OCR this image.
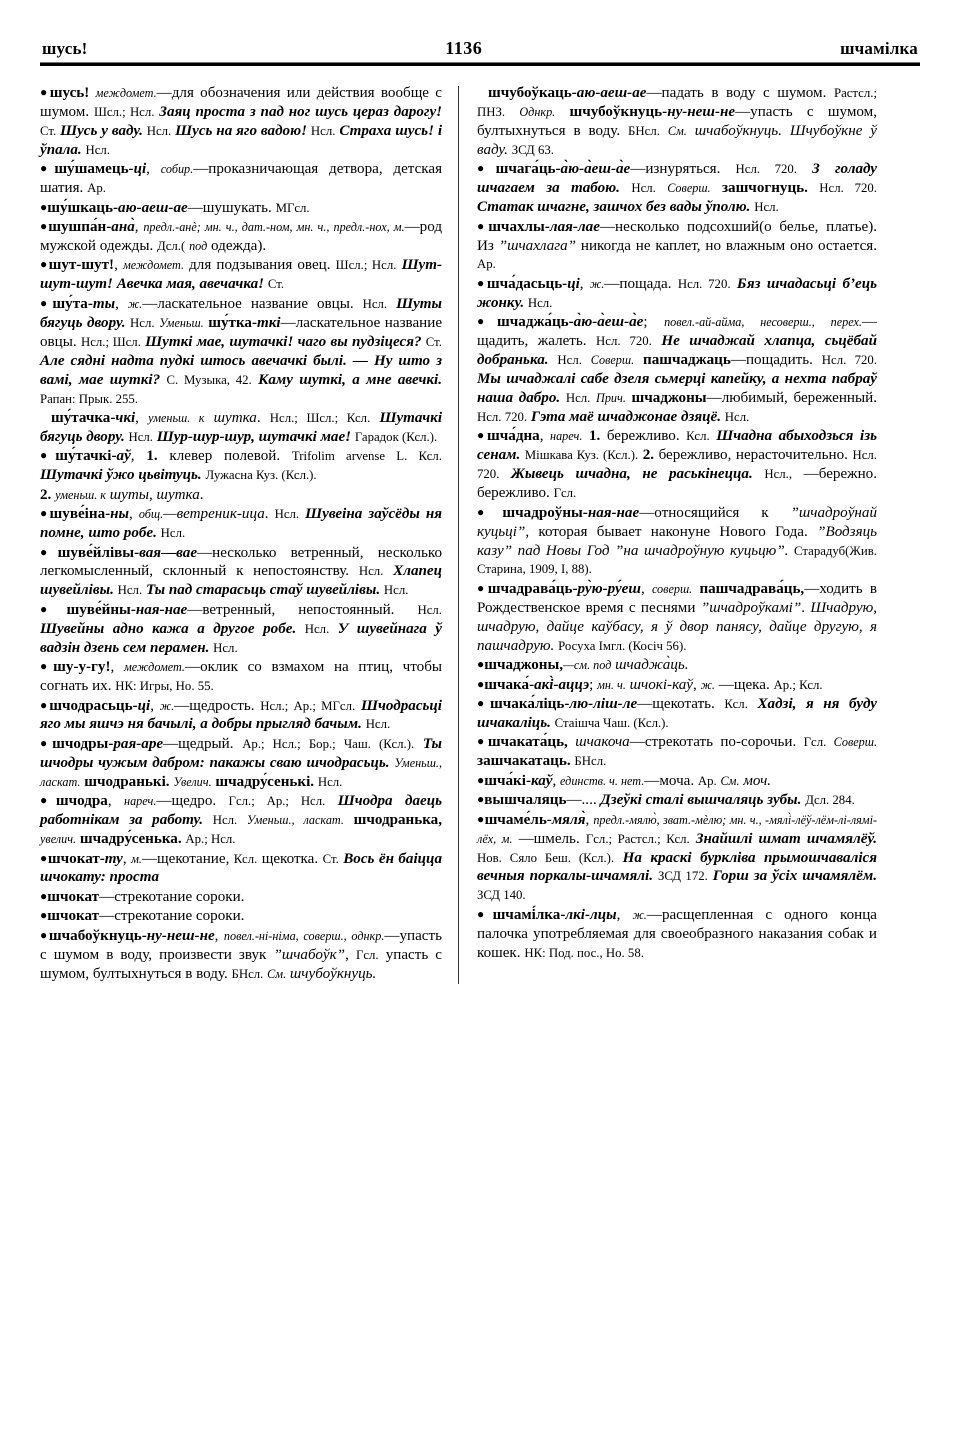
шусь!	1136	шчамілка

●шусь! междомет.—для обозначения или действия вообще с шумом. Шсл.; Нсл. Заяц проста з пад ног шусь цераз дарогу! Ст. Шусь у ваду. Нсл. Шусь на яго вадою! Нсл. Страха шусь! і ўпала. Нсл.

●шу́шамець-ці, собир.—проказничающая детвора, детская шатия. Ар.

●шу́шкаць-аю-аеш-ае—шушукать. МГсл.

●шушпа́н-ана̀, предл.-анѐ; мн. ч., дат.-ном, мн. ч., предл.-нох, м.—род мужской одежды. Дсл.( под одежда).

●шут-шут!, междомет. для подзывания овец. Шсл.; Нсл. Шут-шут-шут! Авечка мая, авечачка! Ст.

●шу́та-ты, ж.—ласкательное название овцы. Нсл. Шуты бягуць двору. Нсл. Уменьш. шу́тка-ткі—ласкательное название овцы. Нсл.; Шсл. Шуткі мае, шутачкі! чаго вы пудзіцеся? Ст. Але сядні надта пудкі штось авечачкі былі. — Ну што з вамі, мае шуткі? С. Музыка, 42. Каму шуткі, а мне авечкі. Рапан: Прык. 255.

шу́тачка-чкі, уменьш. к шутка. Нсл.; Шсл.; Ксл. Шутачкі бягуць двору. Нсл. Шур-шур-шур, шутачкі мае! Гарадок (Ксл.).

●шу́тачкі-аў, 1. клевер полевой. Trifolim arvense L. Ксл. Шутачкі ўжо цьвітуць. Лужасна Куз. (Ксл.).

2. уменьш. к шуты, шутка.

●шуве́іна-ны, общ.—ветреник-ица. Нсл. Шувеіна заўсёды ня помне, што робе. Нсл.

●шуве́йлівы-вая—вае—несколько ветренный, несколько легкомысленный, склонный к непостоянству. Нсл. Хлапец шувейлівы. Нсл. Ты пад старасьць стаў шувейлівы. Нсл.

●шуве́йны-ная-нае—ветренный, непостоянный. Нсл. Шувейны адно кажа а другое робе. Нсл. У шувейнага ў вадзін дзень сем перамен. Нсл.

●шу-у-гу!, междомет.—оклик со взмахом на птиц, чтобы согнать их. НК: Игры, Но. 55.

●шчодрасьць-ці, ж.—щедрость. Нсл.; Ар.; МГсл. Шчодрасьці яго мы яшчэ ня бачылі, а добры прыгляд бачым. Нсл.

●шчодры-рая-аре—щедрый. Ар.; Нсл.; Бор.; Чаш. (Ксл.). Ты шчодры чужым дабром: пакажы сваю шчодрасьць. Уменьш., ласкат. шчодранькі. Увелич. шчадру́сенькі. Нсл.

●шчодра, нареч.—щедро. Гсл.; Ар.; Нсл. Шчодра даець работнікам за работу. Нсл. Уменьш., ласкат. шчодранька, увелич. шчадру́сенька. Ар.; Нсл.

●шчокат-ту, м.—щекотание, Ксл. щекотка. Ст. Вось ён баіцца шчокату: проста

●шчокат—стрекотание сороки.

●шчокат—стрекотание сороки.

●шчабоўкнуць-ну-неш-не, повел.-ні-німа, соверш., однкр.—упасть с шумом в воду, произвести звук ”шчабоўк”, Гсл. упасть с шумом, бултыхнуться в воду. БНсл. См. шчубоўкнуць.

шчубоўкаць-аю-аеш-ае—падать в воду с шумом. Растсл.; ПНЗ. Однкр. шчубоўкнуць-ну-неш-не—упасть с шумом, бултыхнуться в воду. БНсл. См. шчабоўкнуць. Шчубоўкне ў ваду. ЗСД 63.

●шчага́ць-а̀ю-а̀еш-а̀е—изнуряться. Нсл. 720. З голаду шчагаем за табою. Нсл. Соверш. зашчогнуць. Нсл. 720. Статак шчагне, зашчох без вады ўполю. Нсл.

●шчахлы-лая-лае—несколько подсохший(о белье, платье). Из ”шчахлага” никогда не каплет, но влажным оно остается. Ар.

●шча́дасьць-ці, ж.—пощада. Нсл. 720. Бяз шчадасьці б’ець жонку. Нсл.

●шчаджа́ць-а̀ю-а̀еш-а̀е; повел.-ай-айма, несоверш., перех.— щадить, жалеть. Нсл. 720. Не шчаджай хлапца, сьцёбай добранька. Нсл. Соверш. пашчаджаць—пощадить. Нсл. 720. Мы шчаджалі сабе дзеля сьмерці капейку, а нехта пабраў наша дабро. Нсл. Прич. шчаджоны—любимый, береженный. Нсл. 720. Гэта маё шчаджонае дзяцё. Нсл.

●шча́дна, нареч. 1. бережливо. Ксл. Шчадна абыходзься ізь сенам. Мішкава Куз. (Ксл.). 2. бережливо, нерасточительно. Нсл. 720. Жывець шчадна, не раськінецца. Нсл., —бережно. бережливо. Гсл.

●шчадроўны-ная-нае—относящийся к ”шчадроўнай куцьці”, которая бывает наконуне Нового Года. ”Водзяць казу” пад Новы Год ”на шчадроўную куцьцю”. Старадуб(Жив. Старина, 1909, I, 88).

●шчадрава́ць-ру̀ю-ру́еш, соверш. пашчадрава́ць,—ходить в Рождественское время с песнями ”шчадроўкамі”. Шчадрую, шчадрую, дайце каўбасу, я ў двор панясу, дайце другую, я пашчадрую. Росуха Імгл. (Косіч 56).

●шчаджоны,—см. под шчаджа̀ць.

●шчака́-акі̀-аццэ; мн. ч. шчокі-каў, ж. —щека. Ар.; Ксл.

●шчака́ліць-лю-ліш-ле—щекотать. Ксл. Хадзі, я ня буду шчакаліць. Стаішча Чаш. (Ксл.).

●шчаката́ць, шчакоча—стрекотать по-сорочьи. Гсл. Соверш. зашчакатаць. БНсл.

●шча́кі-каў, единств. ч. нет.—моча. Ар. См. моч.

●вышчаляць—.... Дзеўкі сталі вышчаляць зубы. Дсл. 284.

●шчаме́ль-мяля̀, предл.-мялю̀, зват.-мѐлю; мн. ч., -мялі̀-лёў-лём-лі-лямі-лёх, м. —шмель. Гсл.; Растсл.; Ксл. Знайшлі шмат шчамялёў. Нов. Сяло Беш. (Ксл.). На краскі буркліва прымошчаваліся вечныя поркалы-шчамялі. ЗСД 172. Горш за ўсіх шчамялём. ЗСД 140.

●шчамі́лка-лкі-лцы, ж.—расщепленная с одного конца палочка употребляемая для своеобразного наказания собак и кошек. НК: Под. пос., Но. 58.
